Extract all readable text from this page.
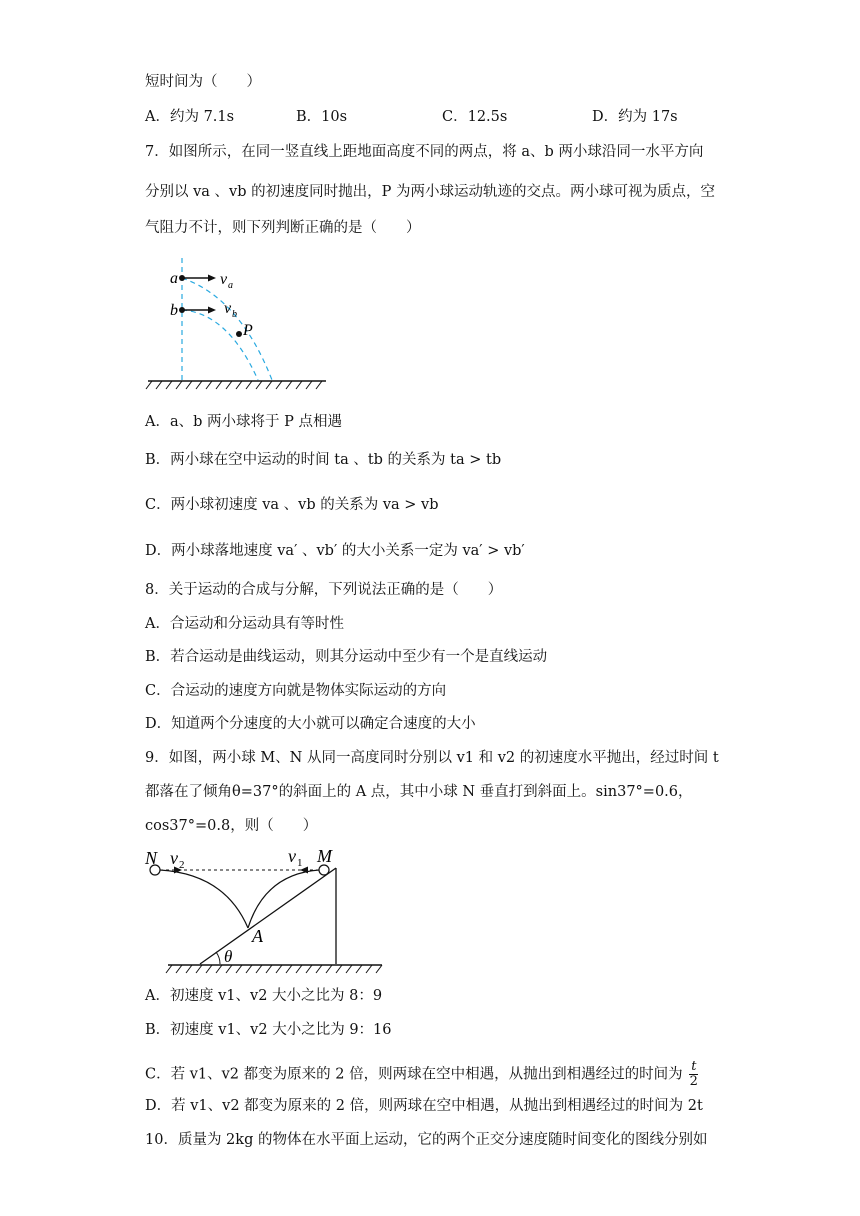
短时间为（　　）
A．约为 7.1s	B．10s	C．12.5s	D．约为 17s
7．如图所示，在同一竖直线上距地面高度不同的两点，将 a、b 两小球沿同一水平方向
分别以 va 、vb 的初速度同时抛出，P 为两小球运动轨迹的交点。两小球可视为质点，空
气阻力不计，则下列判断正确的是（　　）
a	v a
b	v b
P
A．a、b 两小球将于 P 点相遇
B．两小球在空中运动的时间 ta 、tb 的关系为 ta > tb
C．两小球初速度 va 、vb 的关系为 va > vb
D．两小球落地速度 va′ 、vb′ 的大小关系一定为 va′ > vb′
8．关于运动的合成与分解，下列说法正确的是（　　）
A．合运动和分运动具有等时性
B．若合运动是曲线运动，则其分运动中至少有一个是直线运动
C．合运动的速度方向就是物体实际运动的方向
D．知道两个分速度的大小就可以确定合速度的大小
9．如图，两小球 M、N 从同一高度同时分别以 v1 和 v2 的初速度水平抛出，经过时间 t
都落在了倾角θ=37°的斜面上的 A 点，其中小球 N 垂直打到斜面上。sin37°=0.6，
cos37°=0.8，则（　　）
N v 2	v 1 M
A
θ
A．初速度 v1、v2 大小之比为 8：9
B．初速度 v1、v2 大小之比为 9：16
C．若 v1、v2 都变为原来的 2 倍，则两球在空中相遇，从抛出到相遇经过的时间为 $\frac{t}{2}$
D．若 v1、v2 都变为原来的 2 倍，则两球在空中相遇，从抛出到相遇经过的时间为 2t
10．质量为 2kg 的物体在水平面上运动，它的两个正交分速度随时间变化的图线分别如
